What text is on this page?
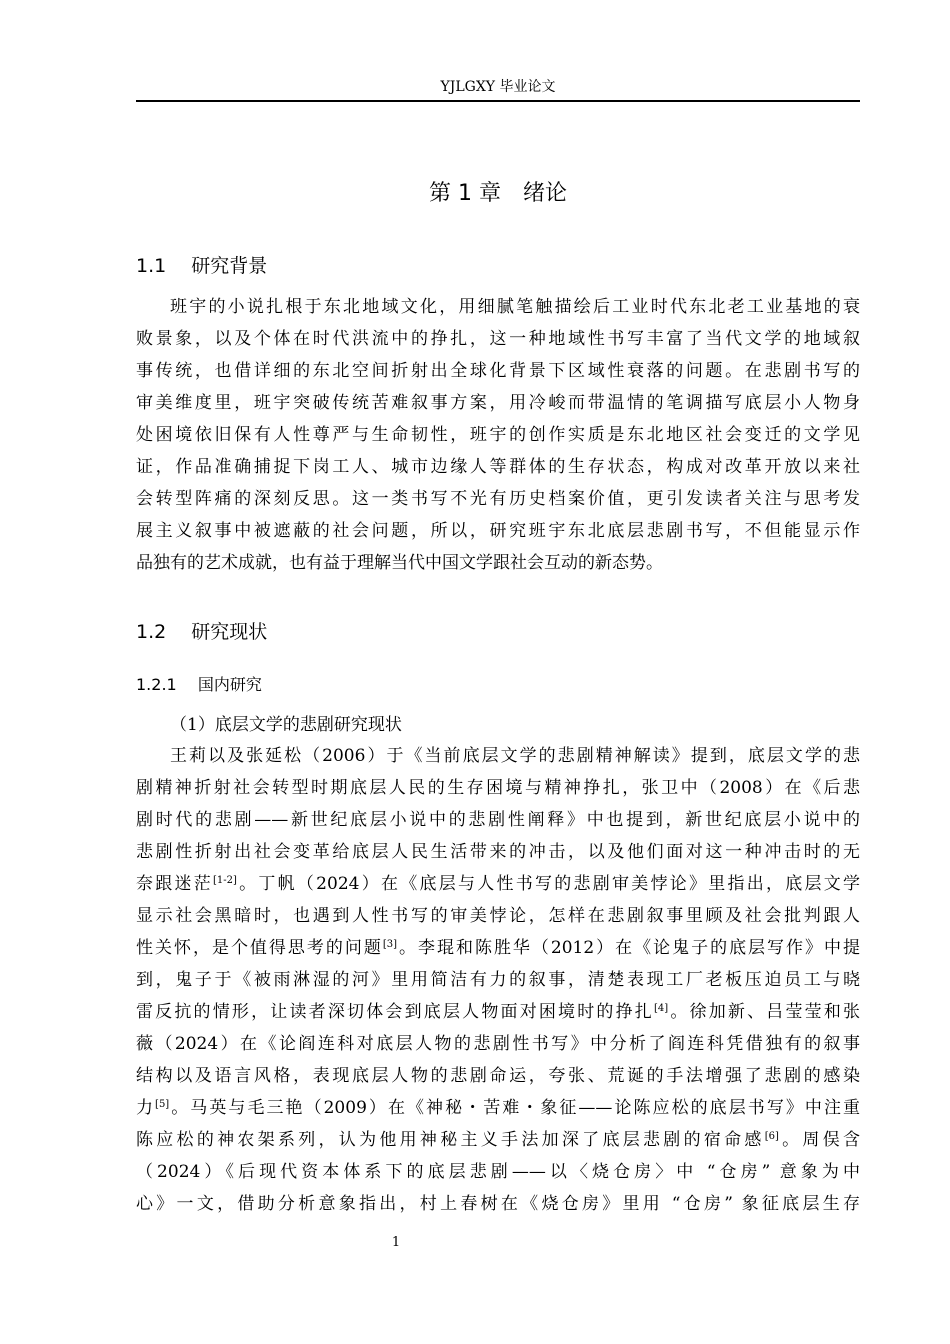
YJLGXY 毕业论文
第 1 章　绪论
1.1　 研究背景
班宇的小说扎根于东北地域文化，用细腻笔触描绘后工业时代东北老工业基地的衰
败景象，以及个体在时代洪流中的挣扎，这一种地域性书写丰富了当代文学的地域叙
事传统，也借详细的东北空间折射出全球化背景下区域性衰落的问题。在悲剧书写的
审美维度里，班宇突破传统苦难叙事方案，用冷峻而带温情的笔调描写底层小人物身
处困境依旧保有人性尊严与生命韧性，班宇的创作实质是东北地区社会变迁的文学见
证，作品准确捕捉下岗工人、城市边缘人等群体的生存状态，构成对改革开放以来社
会转型阵痛的深刻反思。这一类书写不光有历史档案价值，更引发读者关注与思考发
展主义叙事中被遮蔽的社会问题，所以，研究班宇东北底层悲剧书写，不但能显示作
品独有的艺术成就，也有益于理解当代中国文学跟社会互动的新态势。
1.2　 研究现状
1.2.1　 国内研究
（1）底层文学的悲剧研究现状
王莉以及张延松（2006）于《当前底层文学的悲剧精神解读》提到，底层文学的悲
剧精神折射社会转型时期底层人民的生存困境与精神挣扎，张卫中（2008）在《后悲
剧时代的悲剧——新世纪底层小说中的悲剧性阐释》中也提到，新世纪底层小说中的
悲剧性折射出社会变革给底层人民生活带来的冲击，以及他们面对这一种冲击时的无
奈跟迷茫[1-2]。丁帆（2024）在《底层与人性书写的悲剧审美悖论》里指出，底层文学
显示社会黑暗时，也遇到人性书写的审美悖论，怎样在悲剧叙事里顾及社会批判跟人
性关怀，是个值得思考的问题[3]。李琨和陈胜华（2012）在《论鬼子的底层写作》中提
到，鬼子于《被雨淋湿的河》里用简洁有力的叙事，清楚表现工厂老板压迫员工与晓
雷反抗的情形，让读者深切体会到底层人物面对困境时的挣扎[4]。徐加新、吕莹莹和张
薇（2024）在《论阎连科对底层人物的悲剧性书写》中分析了阎连科凭借独有的叙事
结构以及语言风格，表现底层人物的悲剧命运，夸张、荒诞的手法增强了悲剧的感染
力[5]。马英与毛三艳（2009）在《神秘・苦难・象征——论陈应松的底层书写》中注重
陈应松的神农架系列，认为他用神秘主义手法加深了底层悲剧的宿命感[6]。周俣含
（2024）《后现代资本体系下的底层悲剧——以〈烧仓房〉中 “仓房” 意象为中
心》一文，借助分析意象指出，村上春树在《烧仓房》里用 “仓房” 象征底层生存
1
